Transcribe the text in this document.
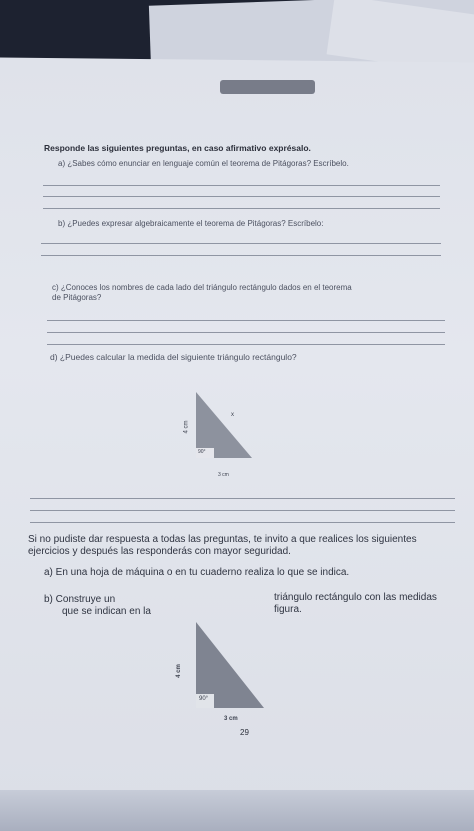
Responde las siguientes preguntas, en caso afirmativo exprésalo.
a) ¿Sabes cómo enunciar en lenguaje común el teorema de Pitágoras? Escríbelo.
b) ¿Puedes expresar algebraicamente el teorema de Pitágoras? Escríbelo:
c) ¿Conoces los nombres de cada lado del triángulo rectángulo dados en el teorema
de Pitágoras?
d) ¿Puedes calcular la medida del siguiente triángulo rectángulo?
4 cm
90°
x
3 cm
Si no pudiste dar respuesta a todas las preguntas, te invito a que realices los siguientes
ejercicios y después las responderás con mayor seguridad.
a) En una hoja de máquina o en tu cuaderno realiza lo que se indica.
b) Construye un
que se indican en la
triángulo rectángulo con las medidas
figura.
4 cm
90°
3 cm
29
